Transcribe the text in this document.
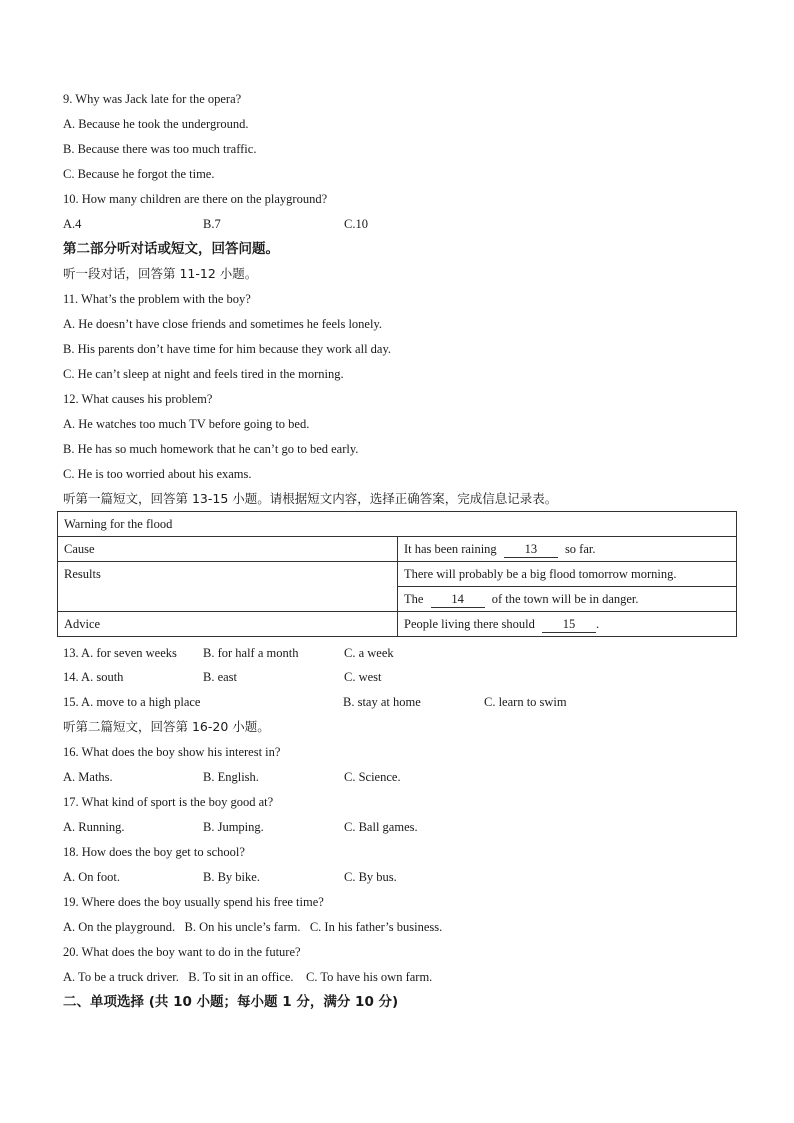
9. Why was Jack late for the opera?
A. Because he took the underground.
B. Because there was too much traffic.
C. Because he forgot the time.
10. How many children are there on the playground?
A.4	B.7	C.10
第二部分听对话或短文，回答问题。
听一段对话，回答第 11-12 小题。
11. What’s the problem with the boy?
A. He doesn’t have close friends and sometimes he feels lonely.
B. His parents don’t have time for him because they work all day.
C. He can’t sleep at night and feels tired in the morning.
12. What causes his problem?
A. He watches too much TV before going to bed.
B. He has so much homework that he can’t go to bed early.
C. He is too worried about his exams.
听第一篇短文，回答第 13-15 小题。请根据短文内容，选择正确答案，完成信息记录表。
Warning for the flood	
Cause	It has been raining 13 so far.
Results	There will probably be a big flood tomorrow morning.
	The 14 of the town will be in danger.
Advice	People living there should 15 .
13. A. for seven weeks B. for half a month	C. a week
14. A. south	B. east	C. west
15. A. move to a high place	B. stay at home	C. learn to swim
听第二篇短文，回答第 16-20 小题。
16. What does the boy show his interest in?
A. Maths.	B. English.	C. Science.
17. What kind of sport is the boy good at?
A. Running.	B. Jumping.	C. Ball games.
18. How does the boy get to school?
A. On foot.	B. By bike.	C. By bus.
19. Where does the boy usually spend his free time?
A. On the playground.   B. On his uncle’s farm.   C. In his father’s business.
20. What does the boy want to do in the future?
A. To be a truck driver.   B. To sit in an office.    C. To have his own farm.
二、单项选择 (共 10 小题；每小题 1 分，满分 10 分)
